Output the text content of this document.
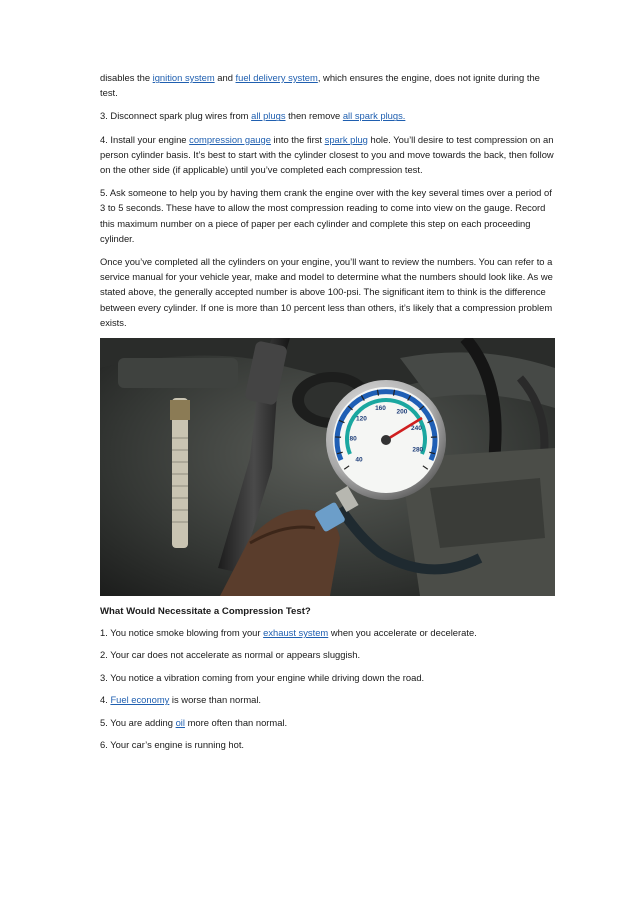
disables the ignition system and fuel delivery system, which ensures the engine, does not ignite during the test.

3. Disconnect spark plug wires from all plugs then remove all spark plugs.

4. Install your engine compression gauge into the first spark plug hole. You’ll desire to test compression on an person cylinder basis. It’s best to start with the cylinder closest to you and move towards the back, then follow on the other side (if applicable) until you’ve completed each compression test.

5. Ask someone to help you by having them crank the engine over with the key several times over a period of 3 to 5 seconds. These have to allow the most compression reading to come into view on the gauge. Record this maximum number on a piece of paper per each cylinder and complete this step on each proceeding cylinder.

Once you’ve completed all the cylinders on your engine, you’ll want to review the numbers. You can refer to a service manual for your vehicle year, make and model to determine what the numbers should look like. As we stated above, the generally accepted number is above 100-psi. The significant item to think is the difference between every cylinder. If one is more than 10 percent less than others, it’s likely that a compression problem exists.

40
80
120
160
200
240
280
What Would Necessitate a Compression Test?

1. You notice smoke blowing from your exhaust system when you accelerate or decelerate.

2. Your car does not accelerate as normal or appears sluggish.

3. You notice a vibration coming from your engine while driving down the road.

4. Fuel economy is worse than normal.

5. You are adding oil more often than normal.

6. Your car’s engine is running hot.
